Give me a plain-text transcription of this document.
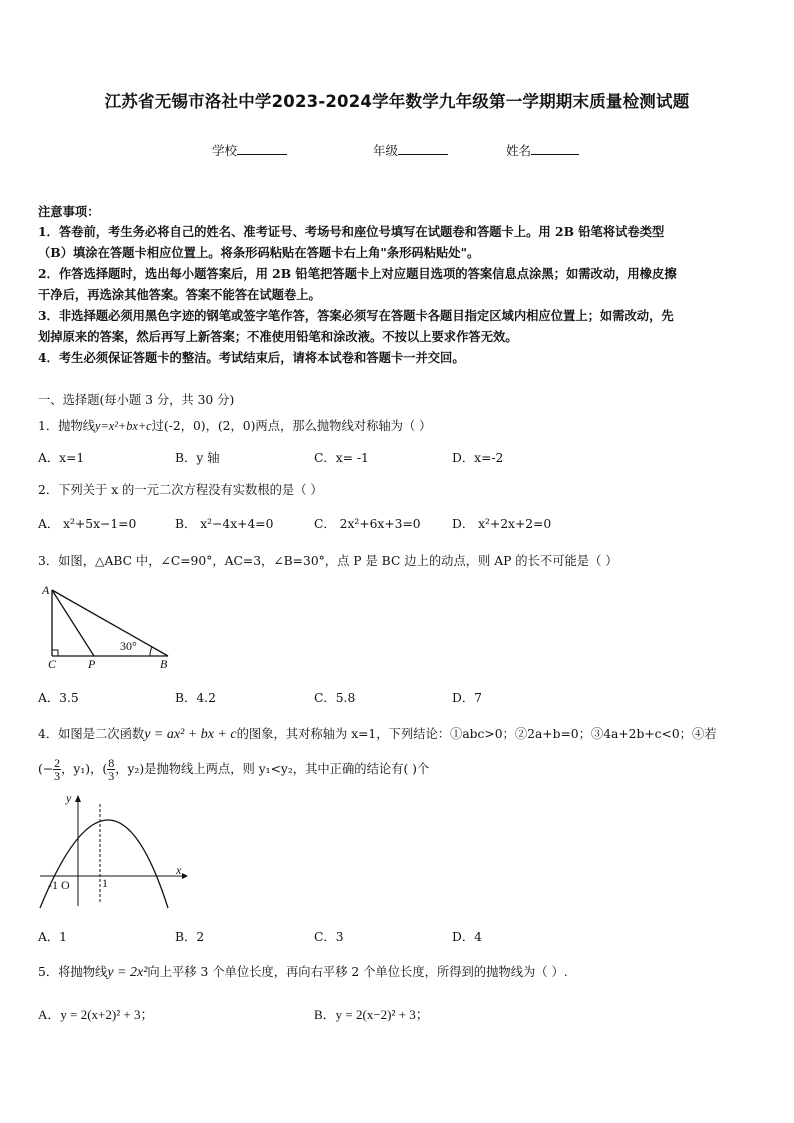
江苏省无锡市洛社中学2023-2024学年数学九年级第一学期期末质量检测试题
学校	年级	姓名
注意事项：
1．答卷前，考生务必将自己的姓名、准考证号、考场号和座位号填写在试题卷和答题卡上。用 2B 铅笔将试卷类型
（B）填涂在答题卡相应位置上。将条形码粘贴在答题卡右上角"条形码粘贴处"。
2．作答选择题时，选出每小题答案后，用 2B 铅笔把答题卡上对应题目选项的答案信息点涂黑；如需改动，用橡皮擦
干净后，再选涂其他答案。答案不能答在试题卷上。
3．非选择题必须用黑色字迹的钢笔或签字笔作答，答案必须写在答题卡各题目指定区域内相应位置上；如需改动，先
划掉原来的答案，然后再写上新答案；不准使用铅笔和涂改液。不按以上要求作答无效。
4．考生必须保证答题卡的整洁。考试结束后，请将本试卷和答题卡一并交回。
一、选择题(每小题 3 分，共 30 分)
1．抛物线y=x²+bx+c过(-2，0)，(2，0)两点，那么抛物线对称轴为（ ）
A．x=1	B．y 轴	C．x= -1	D．x=-2
2．下列关于 x 的一元二次方程没有实数根的是（ ）
A． x²+5x−1=0	B． x²−4x+4=0	C． 2x²+6x+3=0	D． x²+2x+2=0
3．如图，△ABC 中，∠C=90°，AC=3，∠B=30°，点 P 是 BC 边上的动点，则 AP 的长不可能是（ ）
A
C	P	B
30°
A．3.5	B．4.2	C．5.8	D．7
4．如图是二次函数y = ax² + bx + c的图象，其对称轴为 x=1，下列结论：①abc>0；②2a+b=0；③4a+2b+c<0；④若
(− $\frac{2}{3}$ ，y₁)，( $\frac{8}{3}$ ，y₂)是抛物线上两点，则 y₁<y₂，其中正确的结论有( )个
y
x
-1 O	1
A．1	B．2	C．3	D．4
5．将抛物线y = 2x²向上平移 3 个单位长度，再向右平移 2 个单位长度，所得到的抛物线为（ ）.
A．y = 2(x+2)² + 3；	B．y = 2(x−2)² + 3；
